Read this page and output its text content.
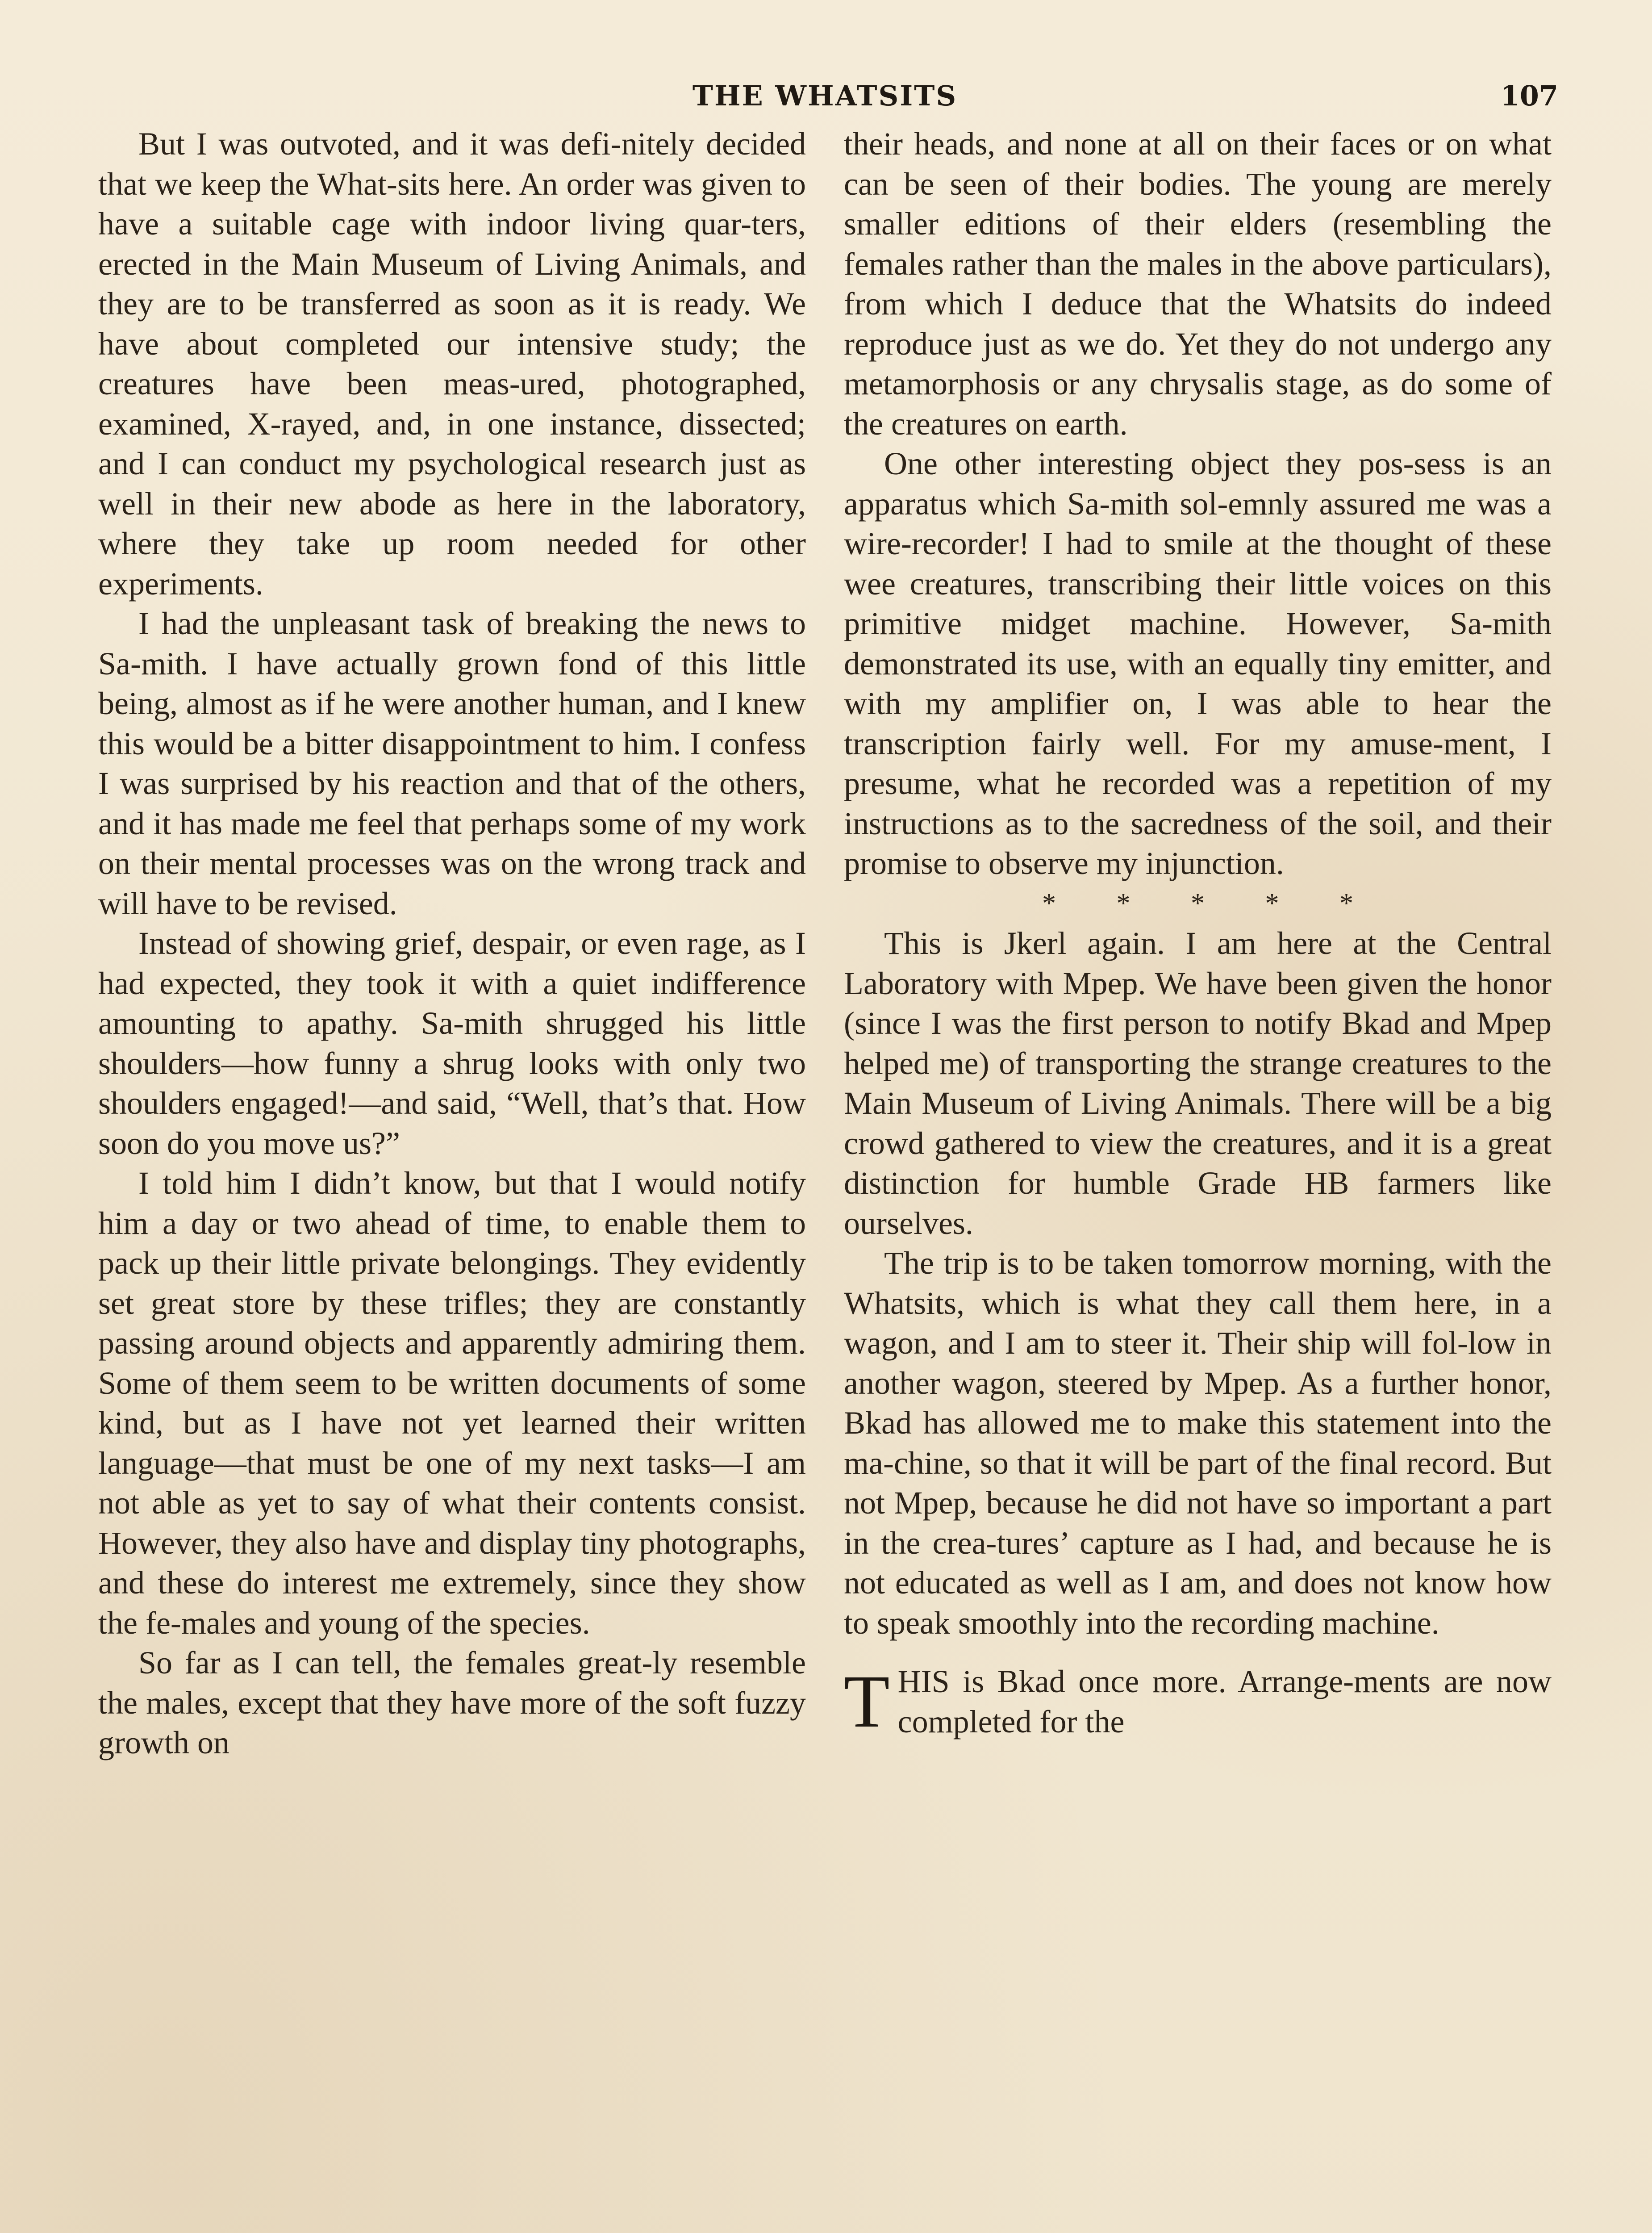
THE WHATSITS	107

But I was outvoted, and it was defi-nitely decided that we keep the What-sits here. An order was given to have a suitable cage with indoor living quar-ters, erected in the Main Museum of Living Animals, and they are to be transferred as soon as it is ready. We have about completed our intensive study; the creatures have been meas-ured, photographed, examined, X-rayed, and, in one instance, dissected; and I can conduct my psychological research just as well in their new abode as here in the laboratory, where they take up room needed for other experiments.

I had the unpleasant task of breaking the news to Sa-mith. I have actually grown fond of this little being, almost as if he were another human, and I knew this would be a bitter disappointment to him. I confess I was surprised by his reaction and that of the others, and it has made me feel that perhaps some of my work on their mental processes was on the wrong track and will have to be revised.

Instead of showing grief, despair, or even rage, as I had expected, they took it with a quiet indifference amounting to apathy. Sa-mith shrugged his little shoulders—how funny a shrug looks with only two shoulders engaged!—and said, “Well, that’s that. How soon do you move us?”

I told him I didn’t know, but that I would notify him a day or two ahead of time, to enable them to pack up their little private belongings. They evidently set great store by these trifles; they are constantly passing around objects and apparently admiring them. Some of them seem to be written documents of some kind, but as I have not yet learned their written language—that must be one of my next tasks—I am not able as yet to say of what their contents consist. However, they also have and display tiny photographs, and these do interest me extremely, since they show the fe-males and young of the species.

So far as I can tell, the females great-ly resemble the males, except that they have more of the soft fuzzy growth on

their heads, and none at all on their faces or on what can be seen of their bodies. The young are merely smaller editions of their elders (resembling the females rather than the males in the above particulars), from which I deduce that the Whatsits do indeed reproduce just as we do. Yet they do not undergo any metamorphosis or any chrysalis stage, as do some of the creatures on earth.

One other interesting object they pos-sess is an apparatus which Sa-mith sol-emnly assured me was a wire-recorder! I had to smile at the thought of these wee creatures, transcribing their little voices on this primitive midget machine. However, Sa-mith demonstrated its use, with an equally tiny emitter, and with my amplifier on, I was able to hear the transcription fairly well. For my amuse-ment, I presume, what he recorded was a repetition of my instructions as to the sacredness of the soil, and their promise to observe my injunction.

* * * * *

This is Jkerl again. I am here at the Central Laboratory with Mpep. We have been given the honor (since I was the first person to notify Bkad and Mpep helped me) of transporting the strange creatures to the Main Museum of Living Animals. There will be a big crowd gathered to view the creatures, and it is a great distinction for humble Grade HB farmers like ourselves.

The trip is to be taken tomorrow morning, with the Whatsits, which is what they call them here, in a wagon, and I am to steer it. Their ship will fol-low in another wagon, steered by Mpep. As a further honor, Bkad has allowed me to make this statement into the ma-chine, so that it will be part of the final record. But not Mpep, because he did not have so important a part in the crea-tures’ capture as I had, and because he is not educated as well as I am, and does not know how to speak smoothly into the recording machine.

THIS is Bkad once more. Arrange-ments are now completed for the
